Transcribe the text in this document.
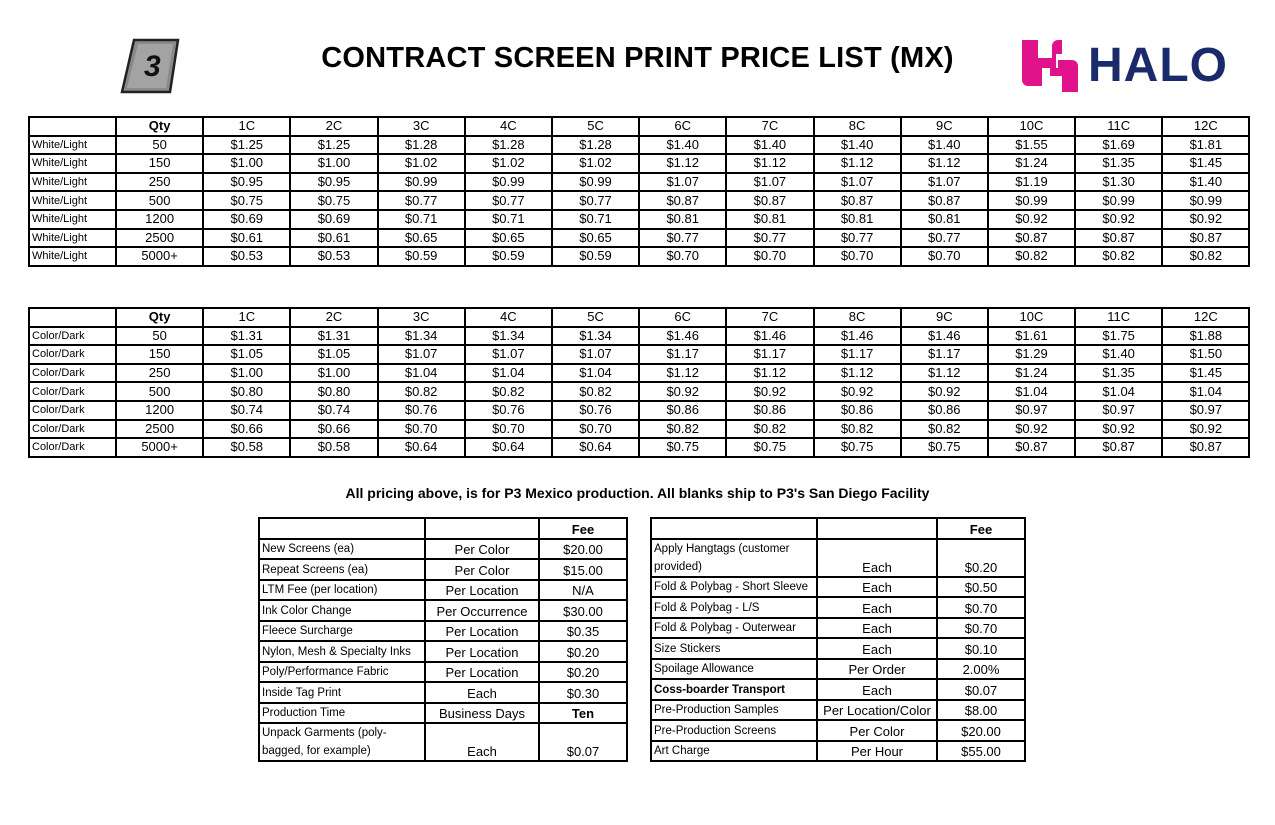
3	HALO
CONTRACT SCREEN PRINT PRICE LIST (MX)
	Qty	1C	2C	3C	4C	5C	6C	7C	8C	9C	10C	11C	12C
White/Light	50	$1.25	$1.25	$1.28	$1.28	$1.28	$1.40	$1.40	$1.40	$1.40	$1.55	$1.69	$1.81
White/Light	150	$1.00	$1.00	$1.02	$1.02	$1.02	$1.12	$1.12	$1.12	$1.12	$1.24	$1.35	$1.45
White/Light	250	$0.95	$0.95	$0.99	$0.99	$0.99	$1.07	$1.07	$1.07	$1.07	$1.19	$1.30	$1.40
White/Light	500	$0.75	$0.75	$0.77	$0.77	$0.77	$0.87	$0.87	$0.87	$0.87	$0.99	$0.99	$0.99
White/Light	1200	$0.69	$0.69	$0.71	$0.71	$0.71	$0.81	$0.81	$0.81	$0.81	$0.92	$0.92	$0.92
White/Light	2500	$0.61	$0.61	$0.65	$0.65	$0.65	$0.77	$0.77	$0.77	$0.77	$0.87	$0.87	$0.87
White/Light	5000+	$0.53	$0.53	$0.59	$0.59	$0.59	$0.70	$0.70	$0.70	$0.70	$0.82	$0.82	$0.82
	Qty	1C	2C	3C	4C	5C	6C	7C	8C	9C	10C	11C	12C
Color/Dark	50	$1.31	$1.31	$1.34	$1.34	$1.34	$1.46	$1.46	$1.46	$1.46	$1.61	$1.75	$1.88
Color/Dark	150	$1.05	$1.05	$1.07	$1.07	$1.07	$1.17	$1.17	$1.17	$1.17	$1.29	$1.40	$1.50
Color/Dark	250	$1.00	$1.00	$1.04	$1.04	$1.04	$1.12	$1.12	$1.12	$1.12	$1.24	$1.35	$1.45
Color/Dark	500	$0.80	$0.80	$0.82	$0.82	$0.82	$0.92	$0.92	$0.92	$0.92	$1.04	$1.04	$1.04
Color/Dark	1200	$0.74	$0.74	$0.76	$0.76	$0.76	$0.86	$0.86	$0.86	$0.86	$0.97	$0.97	$0.97
Color/Dark	2500	$0.66	$0.66	$0.70	$0.70	$0.70	$0.82	$0.82	$0.82	$0.82	$0.92	$0.92	$0.92
Color/Dark	5000+	$0.58	$0.58	$0.64	$0.64	$0.64	$0.75	$0.75	$0.75	$0.75	$0.87	$0.87	$0.87
All pricing above, is for P3 Mexico production. All blanks ship to P3's San Diego Facility
		Fee
New Screens (ea)	Per Color	$20.00
Repeat Screens (ea)	Per Color	$15.00
LTM Fee (per location)	Per Location	N/A
Ink Color Change	Per Occurrence	$30.00
Fleece Surcharge	Per Location	$0.35
Nylon, Mesh & Specialty Inks	Per Location	$0.20
Poly/Performance Fabric	Per Location	$0.20
Inside Tag Print	Each	$0.30
Production Time	Business Days	Ten
Unpack Garments (poly-bagged, for example)	Each	$0.07
		Fee
Apply Hangtags (customer provided)	Each	$0.20
Fold & Polybag - Short Sleeve	Each	$0.50
Fold & Polybag - L/S	Each	$0.70
Fold & Polybag - Outerwear	Each	$0.70
Size Stickers	Each	$0.10
Spoilage Allowance	Per Order	2.00%
Coss-boarder Transport	Each	$0.07
Pre-Production Samples	Per Location/Color	$8.00
Pre-Production Screens	Per Color	$20.00
Art Charge	Per Hour	$55.00
